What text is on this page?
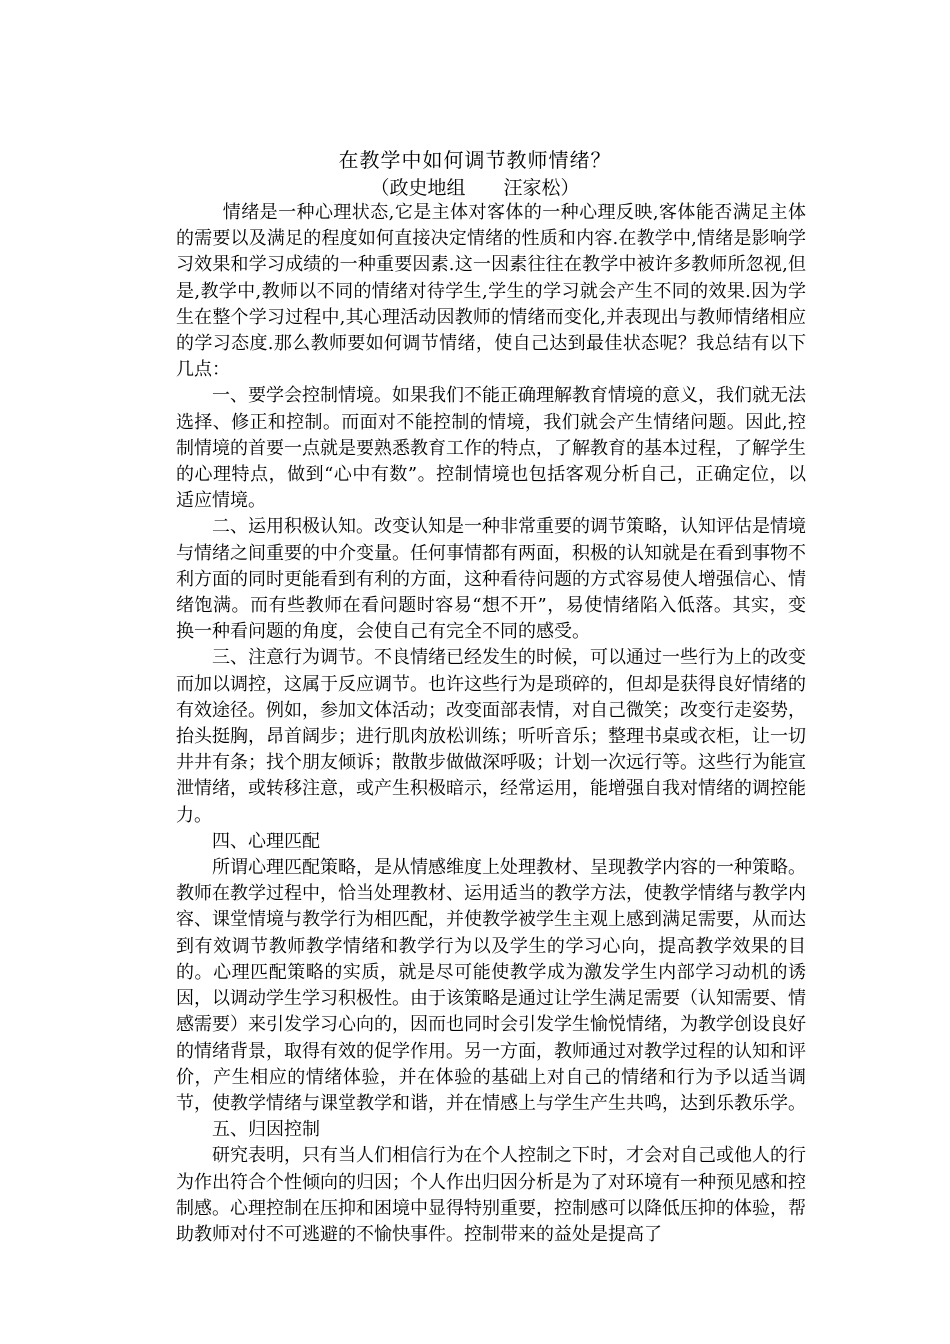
在教学中如何调节教师情绪？
（政史地组　　汪家松）

情绪是一种心理状态,它是主体对客体的一种心理反映,客体能否满足主体的需要以及满足的程度如何直接决定情绪的性质和内容.在教学中,情绪是影响学习效果和学习成绩的一种重要因素.这一因素往往在教学中被许多教师所忽视,但是,教学中,教师以不同的情绪对待学生,学生的学习就会产生不同的效果.因为学生在整个学习过程中,其心理活动因教师的情绪而变化,并表现出与教师情绪相应的学习态度.那么教师要如何调节情绪，使自己达到最佳状态呢？我总结有以下几点：

一、要学会控制情境。如果我们不能正确理解教育情境的意义，我们就无法选择、修正和控制。而面对不能控制的情境，我们就会产生情绪问题。因此,控制情境的首要一点就是要熟悉教育工作的特点，了解教育的基本过程，了解学生的心理特点，做到“心中有数”。控制情境也包括客观分析自己，正确定位，以适应情境。

二、运用积极认知。改变认知是一种非常重要的调节策略，认知评估是情境与情绪之间重要的中介变量。任何事情都有两面，积极的认知就是在看到事物不利方面的同时更能看到有利的方面，这种看待问题的方式容易使人增强信心、情绪饱满。而有些教师在看问题时容易“想不开”，易使情绪陷入低落。其实，变换一种看问题的角度，会使自己有完全不同的感受。

三、注意行为调节。不良情绪已经发生的时候，可以通过一些行为上的改变而加以调控，这属于反应调节。也许这些行为是琐碎的，但却是获得良好情绪的有效途径。例如，参加文体活动；改变面部表情，对自己微笑；改变行走姿势，抬头挺胸，昂首阔步；进行肌肉放松训练；听听音乐；整理书桌或衣柜，让一切井井有条；找个朋友倾诉；散散步做做深呼吸；计划一次远行等。这些行为能宣泄情绪，或转移注意，或产生积极暗示，经常运用，能增强自我对情绪的调控能力。

四、心理匹配

所谓心理匹配策略，是从情感维度上处理教材、呈现教学内容的一种策略。教师在教学过程中，恰当处理教材、运用适当的教学方法，使教学情绪与教学内容、课堂情境与教学行为相匹配，并使教学被学生主观上感到满足需要，从而达到有效调节教师教学情绪和教学行为以及学生的学习心向，提高教学效果的目的。心理匹配策略的实质，就是尽可能使教学成为激发学生内部学习动机的诱因，以调动学生学习积极性。由于该策略是通过让学生满足需要（认知需要、情感需要）来引发学习心向的，因而也同时会引发学生愉悦情绪，为教学创设良好的情绪背景，取得有效的促学作用。另一方面，教师通过对教学过程的认知和评价，产生相应的情绪体验，并在体验的基础上对自己的情绪和行为予以适当调节，使教学情绪与课堂教学和谐，并在情感上与学生产生共鸣，达到乐教乐学。

五、归因控制

研究表明，只有当人们相信行为在个人控制之下时，才会对自己或他人的行为作出符合个性倾向的归因；个人作出归因分析是为了对环境有一种预见感和控制感。心理控制在压抑和困境中显得特别重要，控制感可以降低压抑的体验，帮助教师对付不可逃避的不愉快事件。控制带来的益处是提高了
